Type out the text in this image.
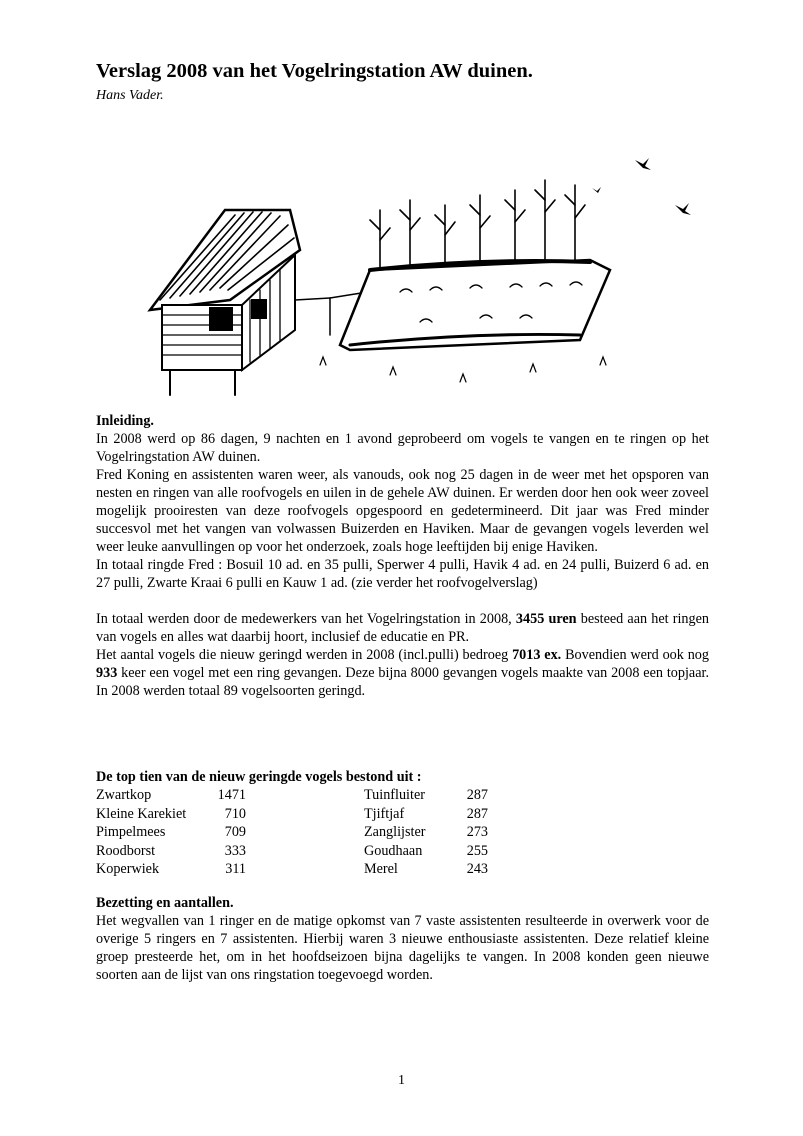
Verslag 2008 van het Vogelringstation AW duinen.
Hans Vader.

Inleiding.

In 2008 werd op 86 dagen, 9 nachten en 1 avond geprobeerd om vogels te vangen en te ringen op het Vogelringstation AW duinen.

Fred Koning en assistenten waren weer, als vanouds, ook nog 25 dagen in de weer met het opsporen van nesten en ringen van alle roofvogels en uilen in de gehele AW duinen. Er werden door hen ook weer zoveel mogelijk prooiresten van deze roofvogels opgespoord en gedetermineerd. Dit jaar was Fred minder succesvol met het vangen van volwassen Buizerden en Haviken. Maar de gevangen vogels leverden wel weer leuke aanvullingen op voor het onderzoek, zoals hoge leeftijden bij enige Haviken.

In totaal ringde Fred : Bosuil 10 ad. en 35 pulli, Sperwer 4 pulli, Havik 4 ad. en 24 pulli, Buizerd 6 ad. en 27 pulli, Zwarte Kraai 6 pulli en Kauw 1 ad. (zie verder het roofvogelverslag)

In totaal werden door de medewerkers van het Vogelringstation in 2008, 3455 uren besteed aan het ringen van vogels en alles wat daarbij hoort, inclusief de educatie en PR.

Het aantal vogels die nieuw geringd werden in 2008 (incl.pulli) bedroeg 7013 ex. Bovendien werd ook nog 933 keer een vogel met een ring gevangen. Deze bijna 8000 gevangen vogels maakte van 2008 een topjaar. In 2008 werden totaal 89 vogelsoorten geringd.

De top tien van de nieuw geringde vogels bestond uit :
Zwartkop	1471	Tuinfluiter	287
Kleine Karekiet	710	Tjiftjaf	287
Pimpelmees	709	Zanglijster	273
Roodborst	333	Goudhaan	255
Koperwiek	311	Merel	243

Bezetting en aantallen.

Het wegvallen van 1 ringer en de matige opkomst van 7 vaste assistenten resulteerde in overwerk voor de overige 5 ringers en 7 assistenten. Hierbij waren 3 nieuwe enthousiaste assistenten. Deze relatief kleine groep presteerde het, om in het hoofdseizoen bijna dagelijks te vangen. In 2008 konden geen nieuwe soorten aan de lijst van ons ringstation toegevoegd worden.

1
